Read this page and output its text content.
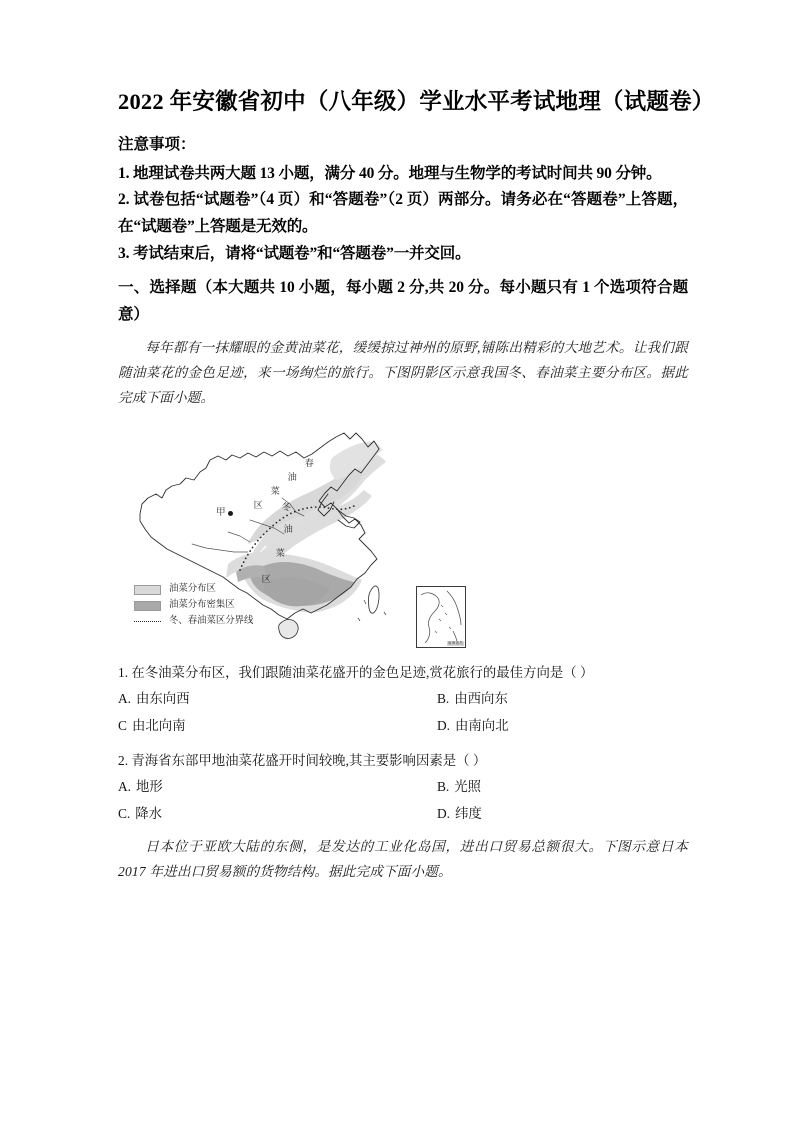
2022 年安徽省初中（八年级）学业水平考试地理（试题卷）

注意事项：

1. 地理试卷共两大题 13 小题，满分 40 分。地理与生物学的考试时间共 90 分钟。

2. 试卷包括“试题卷”（4 页）和“答题卷”（2 页）两部分。请务必在“答题卷”上答题，在“试题卷”上答题是无效的。

3. 考试结束后，请将“试题卷”和“答题卷”一并交回。

一、选择题（本大题共 10 小题，每小题 2 分,共 20 分。每小题只有 1 个选项符合题意）

每年都有一抹耀眼的金黄油菜花，缓缓掠过神州的原野,铺陈出精彩的大地艺术。让我们跟随油菜花的金色足迹，来一场绚烂的旅行。下图阴影区示意我国冬、春油菜主要分布区。据此完成下面小题。

春
油
菜
区 冬
油
菜
区
甲
油菜分布区
油菜分布密集区
冬、春油菜区分界线
南海诸岛

1. 在冬油菜分布区，我们跟随油菜花盛开的金色足迹,赏花旅行的最佳方向是（ ）

A. 由东向西	B. 由西向东
C 由北向南	D. 由南向北

2. 青海省东部甲地油菜花盛开时间较晚,其主要影响因素是（ ）

A. 地形	B. 光照
C. 降水	D. 纬度

日本位于亚欧大陆的东侧，是发达的工业化岛国，进出口贸易总额很大。下图示意日本 2017 年进出口贸易额的货物结构。据此完成下面小题。
